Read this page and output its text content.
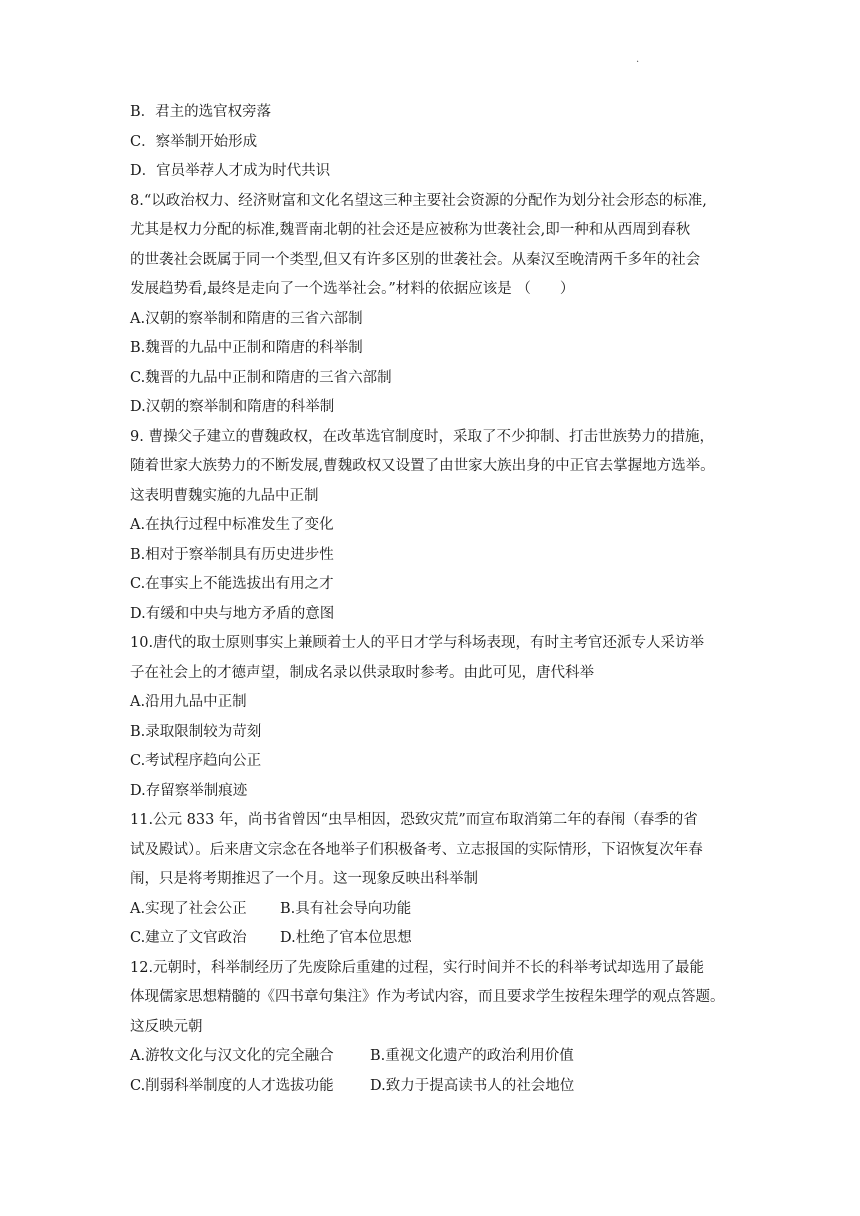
.
B．君主的选官权旁落
C．察举制开始形成
D．官员举荐人才成为时代共识
8.“以政治权力、经济财富和文化名望这三种主要社会资源的分配作为划分社会形态的标准,
尤其是权力分配的标准,魏晋南北朝的社会还是应被称为世袭社会,即一种和从西周到春秋
的世袭社会既属于同一个类型,但又有许多区别的世袭社会。从秦汉至晚清两千多年的社会
发展趋势看,最终是走向了一个选举社会。”材料的依据应该是 （　　）
A.汉朝的察举制和隋唐的三省六部制
B.魏晋的九品中正制和隋唐的科举制
C.魏晋的九品中正制和隋唐的三省六部制
D.汉朝的察举制和隋唐的科举制
9. 曹操父子建立的曹魏政权，在改革选官制度时，采取了不少抑制、打击世族势力的措施，
随着世家大族势力的不断发展,曹魏政权又设置了由世家大族出身的中正官去掌握地方选举。
这表明曹魏实施的九品中正制
A.在执行过程中标准发生了变化
B.相对于察举制具有历史进步性
C.在事实上不能选拔出有用之才
D.有缓和中央与地方矛盾的意图
10.唐代的取士原则事实上兼顾着士人的平日才学与科场表现，有时主考官还派专人采访举
子在社会上的才德声望，制成名录以供录取时参考。由此可见，唐代科举
A.沿用九品中正制
B.录取限制较为苛刻
C.考试程序趋向公正
D.存留察举制痕迹
11.公元 833 年，尚书省曾因“虫旱相因，恐致灾荒”而宣布取消第二年的春闱（春季的省
试及殿试）。后来唐文宗念在各地举子们积极备考、立志报国的实际情形，下诏恢复次年春
闱，只是将考期推迟了一个月。这一现象反映出科举制
A.实现了社会公正	B.具有社会导向功能
C.建立了文官政治	D.杜绝了官本位思想
12.元朝时，科举制经历了先废除后重建的过程，实行时间并不长的科举考试却选用了最能
体现儒家思想精髓的《四书章句集注》作为考试内容，而且要求学生按程朱理学的观点答题。
这反映元朝
A.游牧文化与汉文化的完全融合	B.重视文化遗产的政治利用价值
C.削弱科举制度的人才选拔功能	D.致力于提高读书人的社会地位
